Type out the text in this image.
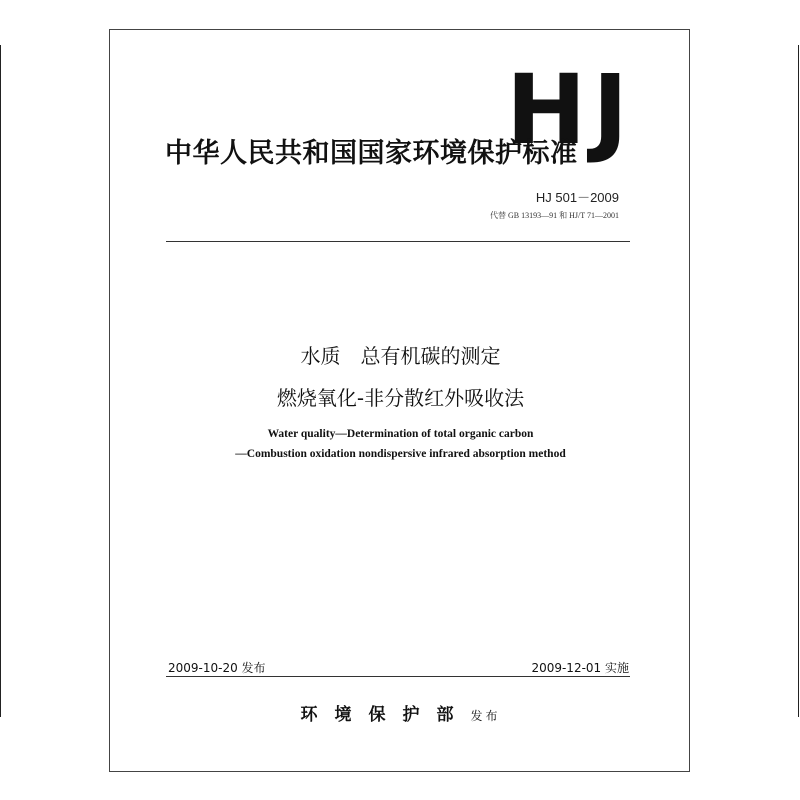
HJ
中华人民共和国国家环境保护标准
HJ 501－2009
代替 GB 13193—91 和 HJ/T 71—2001
水质　总有机碳的测定
燃烧氧化-非分散红外吸收法
Water quality—Determination of total organic carbon
—Combustion oxidation nondispersive infrared absorption method
2009-10-20 发布	2009-12-01 实施
环境保护部发布
